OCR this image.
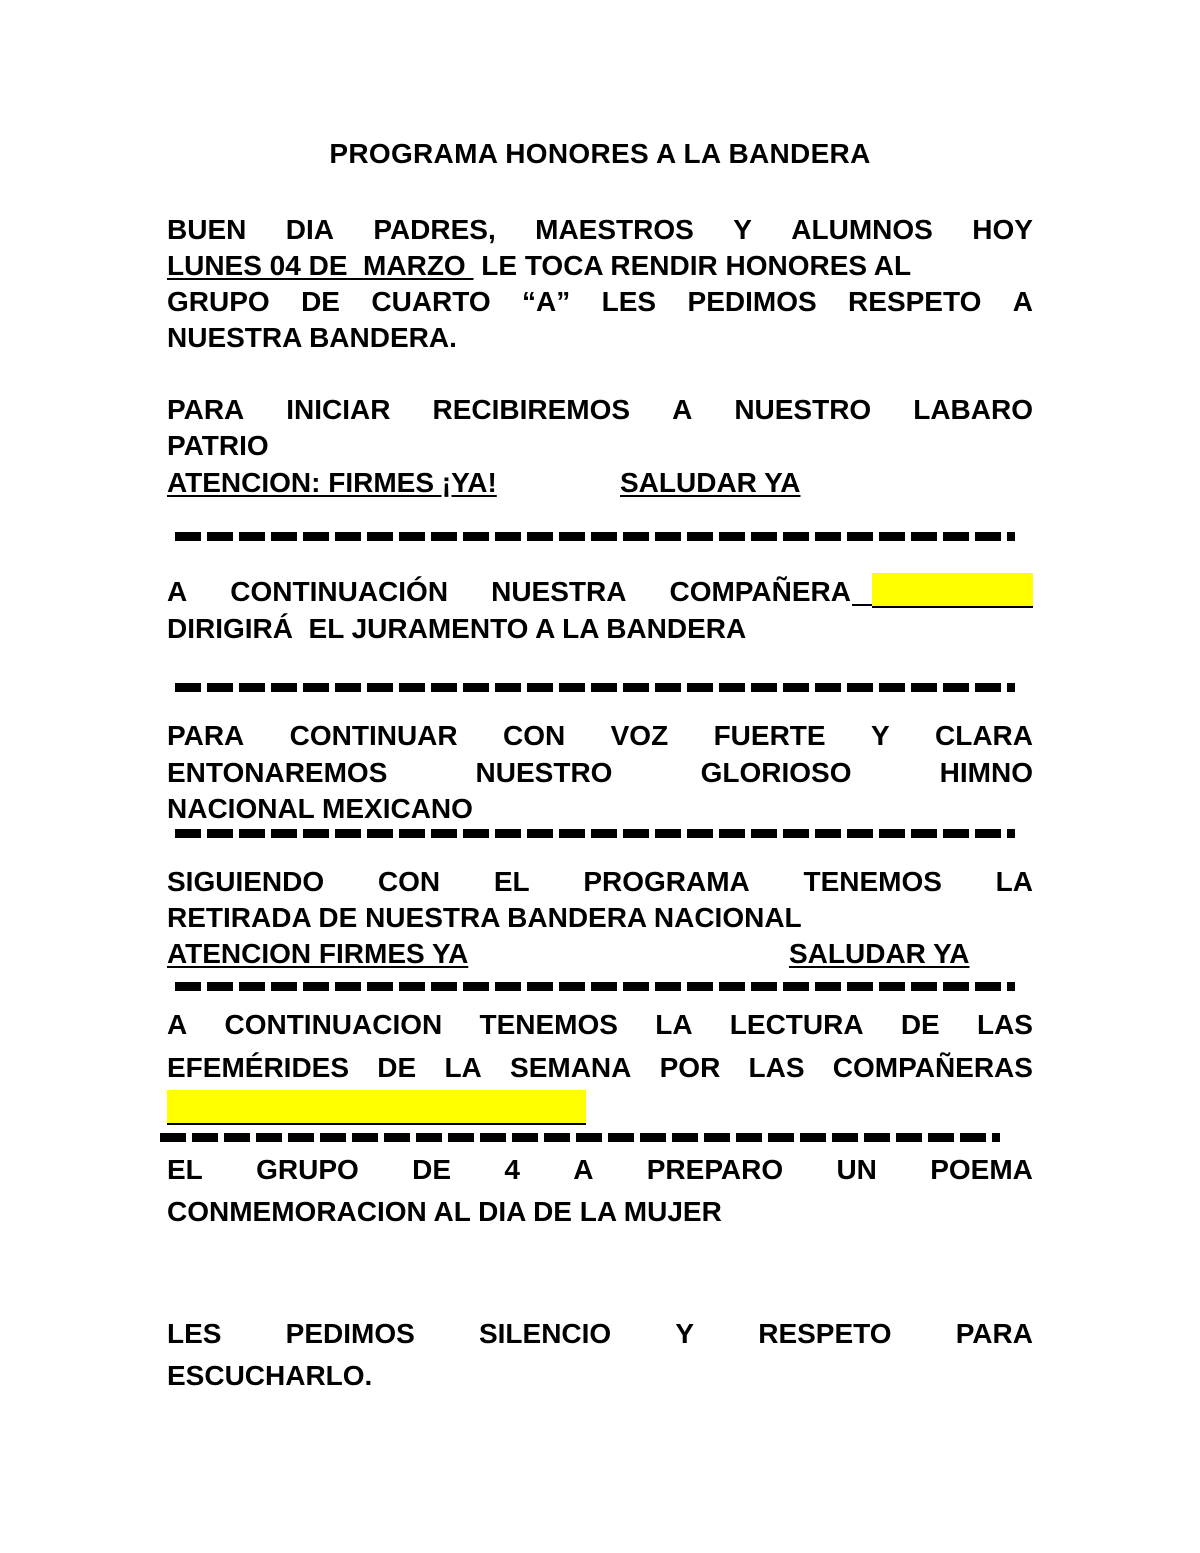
PROGRAMA HONORES A LA BANDERA
BUEN DIA PADRES, MAESTROS Y ALUMNOS HOY
LUNES 04 DE  MARZO  LE TOCA RENDIR HONORES AL
GRUPO DE CUARTO “A” LES PEDIMOS RESPETO A
NUESTRA BANDERA.
PARA INICIAR RECIBIREMOS A NUESTRO LABARO
PATRIO
ATENCION: FIRMES ¡YA!	SALUDAR YA
A CONTINUACIÓN NUESTRA COMPAÑERA
DIRIGIRÁ  EL JURAMENTO A LA BANDERA
PARA CONTINUAR CON VOZ FUERTE Y CLARA
ENTONAREMOS	NUESTRO	GLORIOSO	HIMNO
NACIONAL MEXICANO
SIGUIENDO CON EL PROGRAMA TENEMOS LA
RETIRADA DE NUESTRA BANDERA NACIONAL
ATENCION FIRMES YA	SALUDAR YA
A CONTINUACION TENEMOS LA LECTURA DE LAS
EFEMÉRIDES DE LA SEMANA POR LAS COMPAÑERAS
EL GRUPO DE 4 A PREPARO UN POEMA
CONMEMORACION AL DIA DE LA MUJER
LES PEDIMOS SILENCIO Y RESPETO PARA
ESCUCHARLO.
